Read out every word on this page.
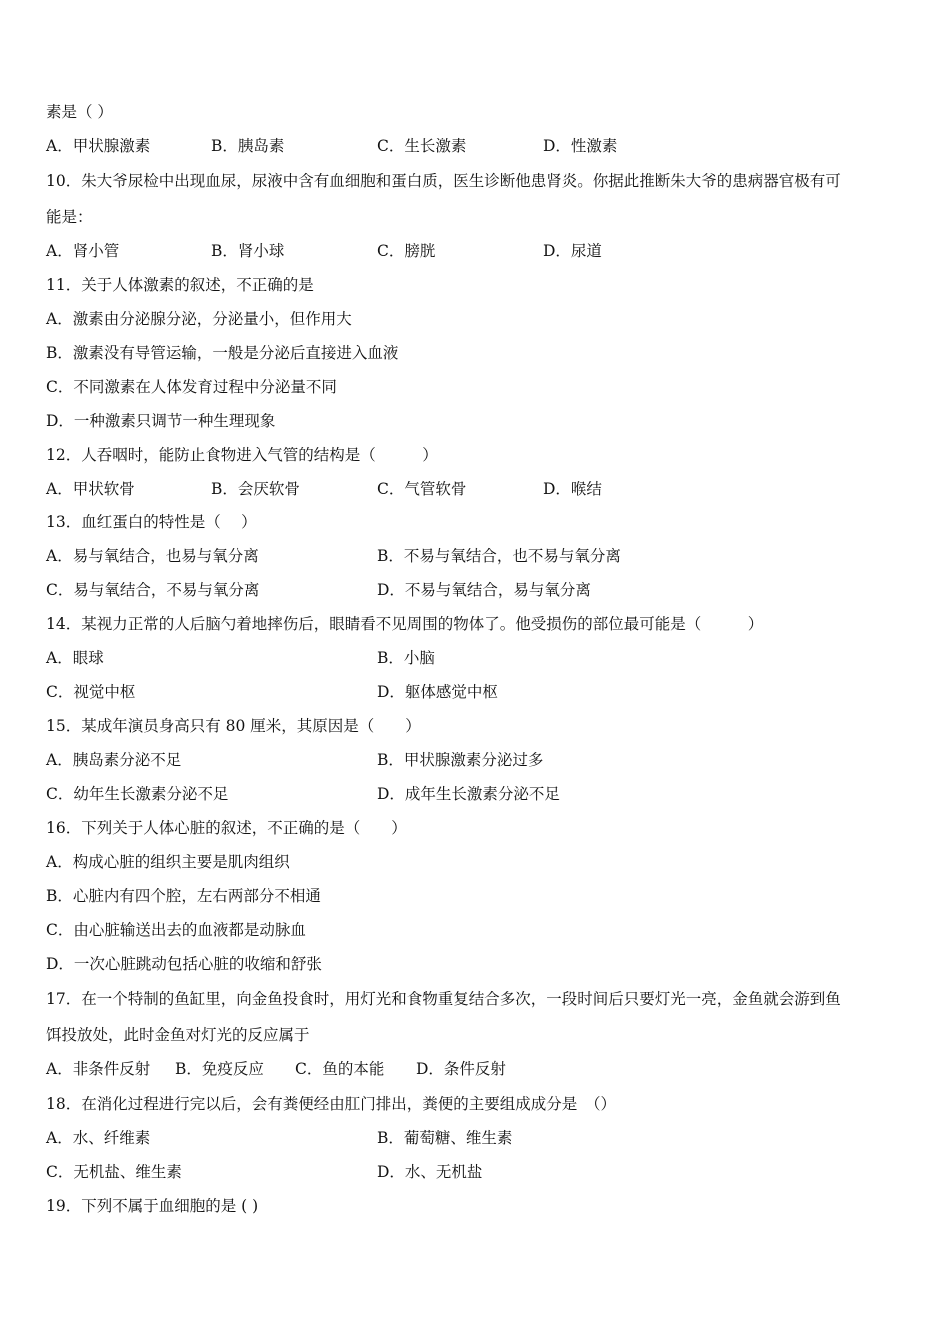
素是（ ）
A．甲状腺激素	B．胰岛素	C．生长激素	D．性激素
10．朱大爷尿检中出现血尿，尿液中含有血细胞和蛋白质，医生诊断他患肾炎。你据此推断朱大爷的患病器官极有可
能是：
A．肾小管	B．肾小球	C．膀胱	D．尿道
11．关于人体激素的叙述，不正确的是
A．激素由分泌腺分泌，分泌量小，但作用大
B．激素没有导管运输，一般是分泌后直接进入血液
C．不同激素在人体发育过程中分泌量不同
D．一种激素只调节一种生理现象
12．人吞咽时，能防止食物进入气管的结构是（　　　）
A．甲状软骨	B．会厌软骨	C．气管软骨	D．喉结
13．血红蛋白的特性是（　 ）
A．易与氧结合，也易与氧分离	B．不易与氧结合，也不易与氧分离
C．易与氧结合，不易与氧分离	D．不易与氧结合，易与氧分离
14．某视力正常的人后脑勺着地摔伤后，眼睛看不见周围的物体了。他受损伤的部位最可能是（　　　）
A．眼球	B．小脑
C．视觉中枢	D．躯体感觉中枢
15．某成年演员身高只有 80 厘米，其原因是（　　）
A．胰岛素分泌不足	B．甲状腺激素分泌过多
C．幼年生长激素分泌不足	D．成年生长激素分泌不足
16．下列关于人体心脏的叙述，不正确的是（　　）
A．构成心脏的组织主要是肌肉组织
B．心脏内有四个腔，左右两部分不相通
C．由心脏输送出去的血液都是动脉血
D．一次心脏跳动包括心脏的收缩和舒张
17．在一个特制的鱼缸里，向金鱼投食时，用灯光和食物重复结合多次，一段时间后只要灯光一亮，金鱼就会游到鱼
饵投放处，此时金鱼对灯光的反应属于
A．非条件反射 B．免疫反应 C．鱼的本能 D．条件反射
18．在消化过程进行完以后，会有粪便经由肛门排出，粪便的主要组成成分是　（）
A．水、纤维素	B．葡萄糖、维生素
C．无机盐、维生素	D．水、无机盐
19．下列不属于血细胞的是 ( )
